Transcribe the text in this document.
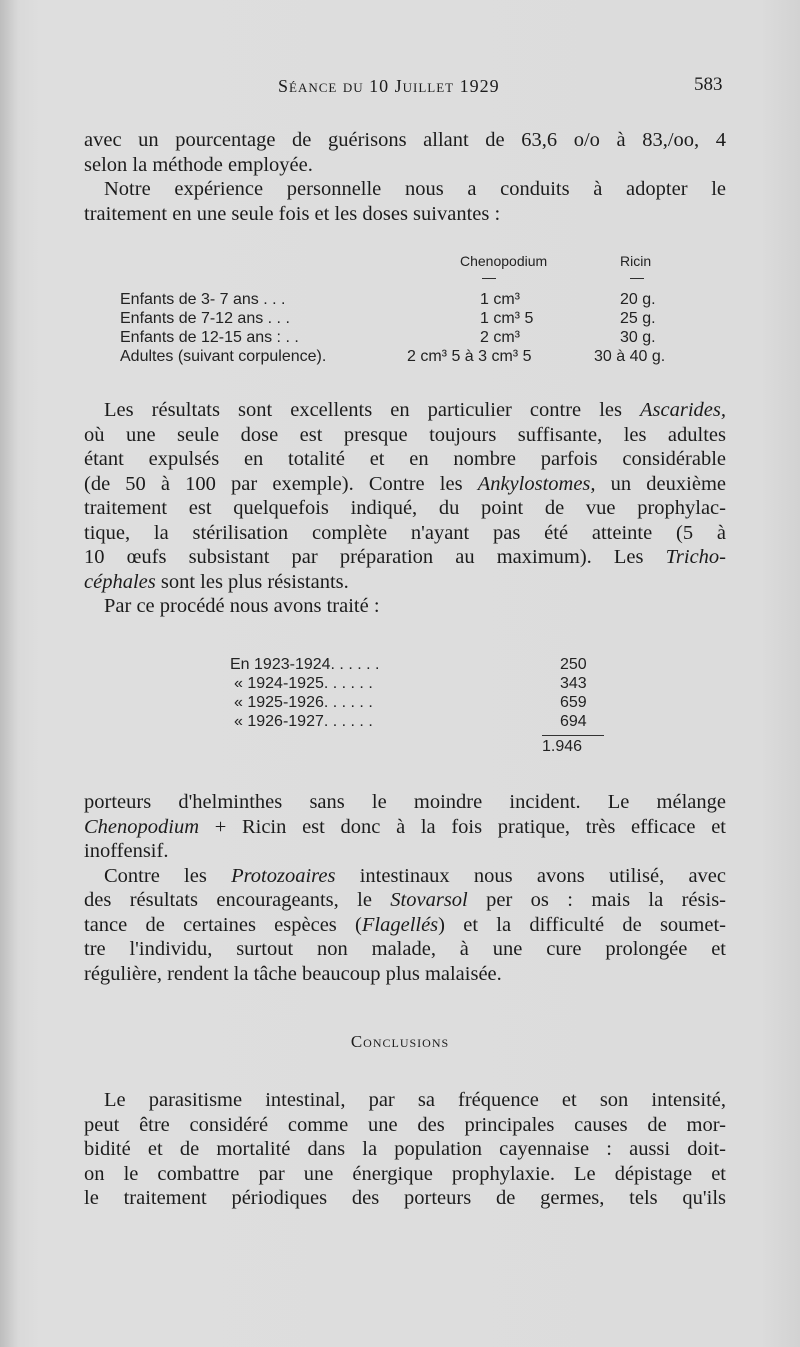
Séance du 10 Juillet 1929	583
avec un pourcentage de guérisons allant de 63,6 o/o à 83,/oo, 4
selon la méthode employée.
Notre expérience personnelle nous a conduits à adopter le
traitement en une seule fois et les doses suivantes :
Chenopodium	Ricin
—	—
Enfants de 3- 7 ans . . .	1 cm³	20 g.
Enfants de 7-12 ans . . .	1 cm³ 5	25 g.
Enfants de 12-15 ans : . .	2 cm³	30 g.
Adultes (suivant corpulence).	2 cm³ 5 à 3 cm³ 5	30 à 40 g.
Les résultats sont excellents en particulier contre les Ascarides,
où une seule dose est presque toujours suffisante, les adultes
étant expulsés en totalité et en nombre parfois considérable
(de 50 à 100 par exemple). Contre les Ankylostomes, un deuxième
traitement est quelquefois indiqué, du point de vue prophylac-
tique, la stérilisation complète n'ayant pas été atteinte (5 à
10 œufs subsistant par préparation au maximum). Les Tricho-
céphales sont les plus résistants.
Par ce procédé nous avons traité :
En 1923-1924. . . . . .	250
« 1924-1925. . . . . .	343
« 1925-1926. . . . . .	659
« 1926-1927. . . . . .	694
1.946
porteurs d'helminthes sans le moindre incident. Le mélange
Chenopodium + Ricin est donc à la fois pratique, très efficace et
inoffensif.
Contre les Protozoaires intestinaux nous avons utilisé, avec
des résultats encourageants, le Stovarsol per os : mais la résis-
tance de certaines espèces (Flagellés) et la difficulté de soumet-
tre l'individu, surtout non malade, à une cure prolongée et
régulière, rendent la tâche beaucoup plus malaisée.
Conclusions
Le parasitisme intestinal, par sa fréquence et son intensité,
peut être considéré comme une des principales causes de mor-
bidité et de mortalité dans la population cayennaise : aussi doit-
on le combattre par une énergique prophylaxie. Le dépistage et
le traitement périodiques des porteurs de germes, tels qu'ils
